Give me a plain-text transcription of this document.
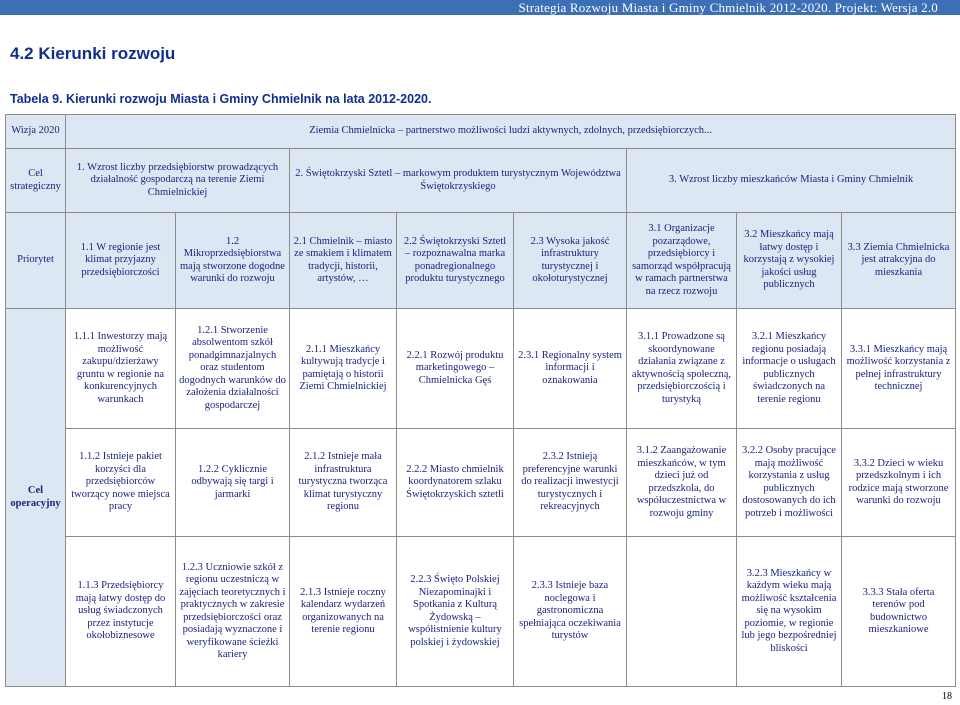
Strategia Rozwoju Miasta i Gminy Chmielnik 2012-2020. Projekt: Wersja 2.0
4.2 Kierunki rozwoju
Tabela 9. Kierunki rozwoju Miasta i Gminy Chmielnik na lata 2012-2020.
Wizja 2020	Ziemia Chmielnicka – partnerstwo możliwości ludzi aktywnych, zdolnych, przedsiębiorczych...							
Cel strategiczny	1. Wzrost liczby przedsiębiorstw prowadzących działalność gospodarczą na terenie Ziemi Chmielnickiej		2. Świętokrzyski Sztetl – markowym produktem turystycznym Województwa Świętokrzyskiego			3. Wzrost liczby mieszkańców Miasta i Gminy Chmielnik		
Priorytet	1.1 W regionie jest klimat przyjazny przedsiębiorczości	1.2 Mikroprzedsiębiorstwa mają stworzone dogodne warunki do rozwoju	2.1 Chmielnik – miasto ze smakiem i klimatem tradycji, historii, artystów, …	2.2 Świętokrzyski Sztetl – rozpoznawalna marka ponadregionalnego produktu turystycznego	2.3 Wysoka jakość infrastruktury turystycznej i okołoturystycznej	3.1 Organizacje pozarządowe, przedsiębiorcy i samorząd współpracują w ramach partnerstwa na rzecz rozwoju	3.2 Mieszkańcy mają łatwy dostęp i korzystają z wysokiej jakości usług publicznych	3.3 Ziemia Chmielnicka jest atrakcyjna do mieszkania
Cel operacyjny	1.1.1 Inwestorzy mają możliwość zakupu/dzierżawy gruntu w regionie na konkurencyjnych warunkach	1.2.1 Stworzenie absolwentom szkół ponadgimnazjalnych oraz studentom dogodnych warunków do założenia działalności gospodarczej	2.1.1 Mieszkańcy kultywują tradycje i pamiętają o historii Ziemi Chmielnickiej	2.2.1 Rozwój produktu marketingowego – Chmielnicka Gęś	2.3.1 Regionalny system informacji i oznakowania	3.1.1 Prowadzone są skoordynowane działania związane z aktywnością społeczną, przedsiębiorczością i turystyką	3.2.1 Mieszkańcy regionu posiadają informacje o usługach publicznych świadczonych na terenie regionu	3.3.1 Mieszkańcy mają możliwość korzystania z pełnej infrastruktury technicznej
	1.1.2 Istnieje pakiet korzyści dla przedsiębiorców tworzący nowe miejsca pracy	1.2.2 Cyklicznie odbywają się targi i jarmarki	2.1.2 Istnieje mała infrastruktura turystyczna tworząca klimat turystyczny regionu	2.2.2 Miasto chmielnik koordynatorem szlaku Świętokrzyskich sztetli	2.3.2 Istnieją preferencyjne warunki do realizacji inwestycji turystycznych i rekreacyjnych	3.1.2 Zaangażowanie mieszkańców, w tym dzieci już od przedszkola, do współuczestnictwa w rozwoju gminy	3.2.2 Osoby pracujące mają możliwość korzystania z usług publicznych dostosowanych do ich potrzeb i możliwości	3.3.2 Dzieci w wieku przedszkolnym i ich rodzice mają stworzone warunki do rozwoju
	1.1.3 Przedsiębiorcy mają łatwy dostęp do usług świadczonych przez instytucje okołobiznesowe	1.2.3 Uczniowie szkół z regionu uczestniczą w zajęciach teoretycznych i praktycznych w zakresie przedsiębiorczości oraz posiadają wyznaczone i weryfikowane ścieżki kariery	2.1.3 Istnieje roczny kalendarz wydarzeń organizowanych na terenie regionu	2.2.3 Święto Polskiej Niezapominajki i Spotkania z Kulturą Żydowską – współistnienie kultury polskiej i żydowskiej	2.3.3 Istnieje baza noclegowa i gastronomiczna spełniająca oczekiwania turystów		3.2.3 Mieszkańcy w każdym wieku mają możliwość kształcenia się na wysokim poziomie, w regionie lub jego bezpośredniej bliskości	3.3.3 Stała oferta terenów pod budownictwo mieszkaniowe
18
